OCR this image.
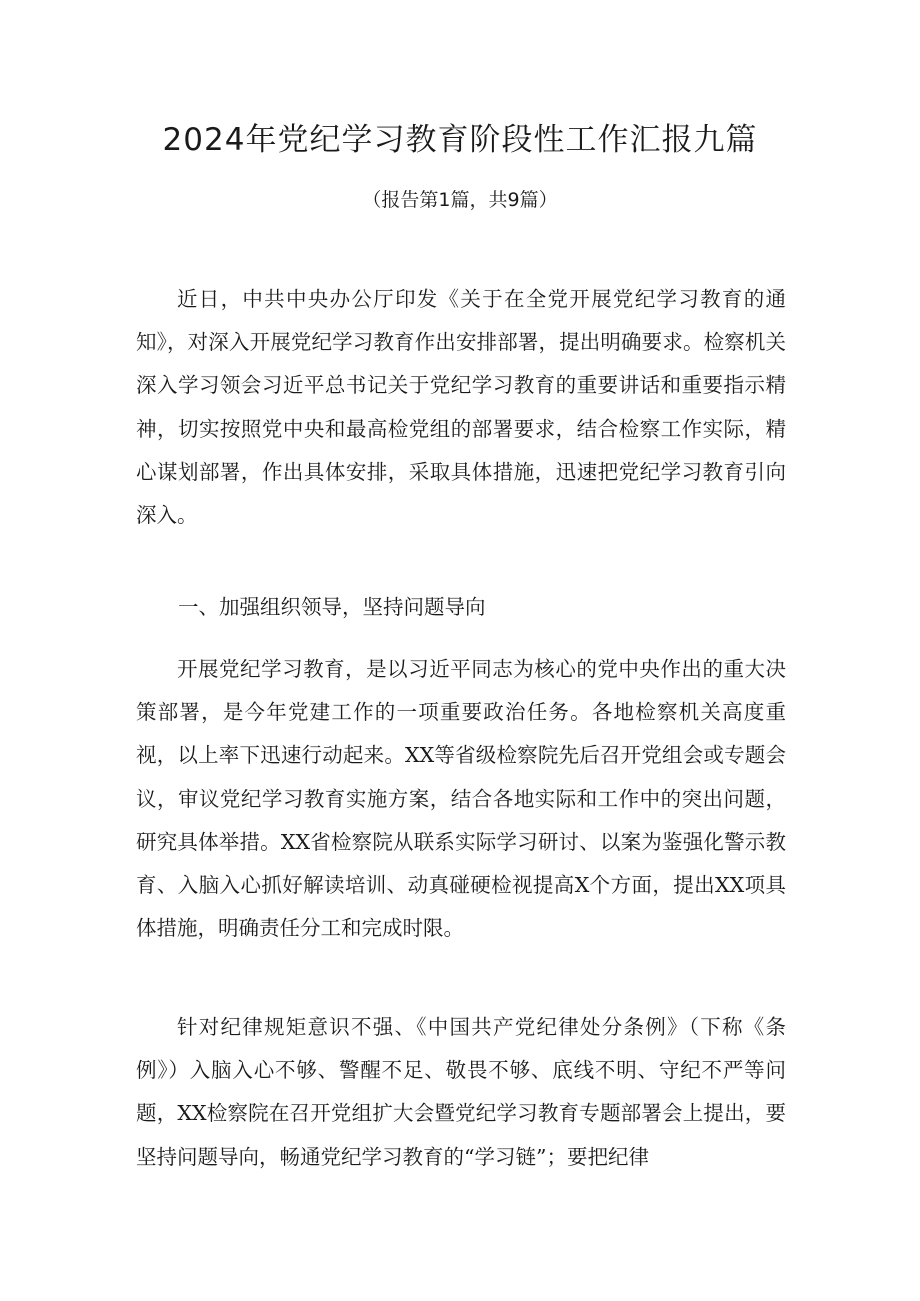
2024年党纪学习教育阶段性工作汇报九篇

（报告第1篇，共9篇）

近日，中共中央办公厅印发《关于在全党开展党纪学习教育的通知》，对深入开展党纪学习教育作出安排部署，提出明确要求。检察机关深入学习领会习近平总书记关于党纪学习教育的重要讲话和重要指示精神，切实按照党中央和最高检党组的部署要求，结合检察工作实际，精心谋划部署，作出具体安排，采取具体措施，迅速把党纪学习教育引向深入。

一、加强组织领导，坚持问题导向

开展党纪学习教育，是以习近平同志为核心的党中央作出的重大决策部署，是今年党建工作的一项重要政治任务。各地检察机关高度重视，以上率下迅速行动起来。XX等省级检察院先后召开党组会或专题会议，审议党纪学习教育实施方案，结合各地实际和工作中的突出问题，研究具体举措。XX省检察院从联系实际学习研讨、以案为鉴强化警示教育、入脑入心抓好解读培训、动真碰硬检视提高X个方面，提出XX项具体措施，明确责任分工和完成时限。

针对纪律规矩意识不强、《中国共产党纪律处分条例》（下称《条例》）入脑入心不够、警醒不足、敬畏不够、底线不明、守纪不严等问题，XX检察院在召开党组扩大会暨党纪学习教育专题部署会上提出，要坚持问题导向，畅通党纪学习教育的“学习链”；要把纪律
